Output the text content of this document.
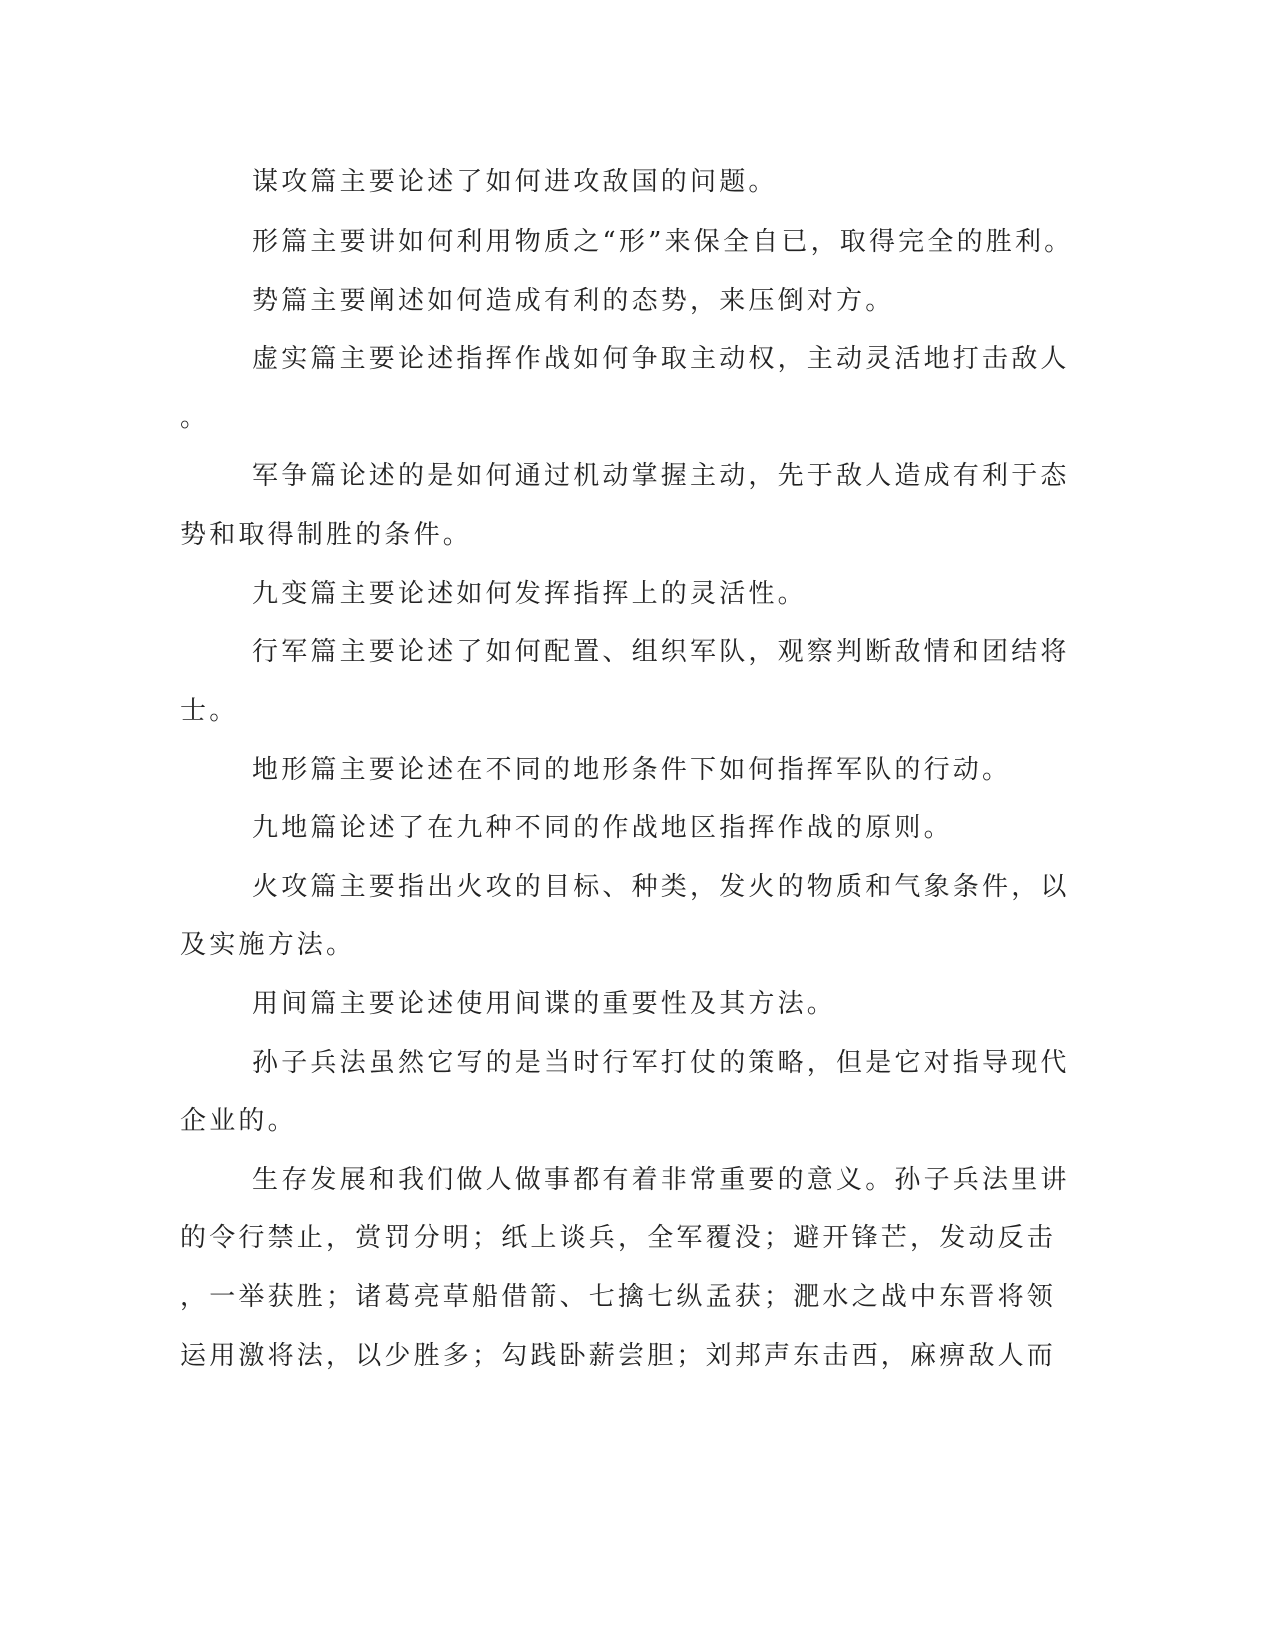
谋攻篇主要论述了如何进攻敌国的问题。
形篇主要讲如何利用物质之“形”来保全自已，取得完全的胜利。
势篇主要阐述如何造成有利的态势，来压倒对方。
虚实篇主要论述指挥作战如何争取主动权，主动灵活地打击敌人
。
军争篇论述的是如何通过机动掌握主动，先于敌人造成有利于态
势和取得制胜的条件。
九变篇主要论述如何发挥指挥上的灵活性。
行军篇主要论述了如何配置、组织军队，观察判断敌情和团结将
士。
地形篇主要论述在不同的地形条件下如何指挥军队的行动。
九地篇论述了在九种不同的作战地区指挥作战的原则。
火攻篇主要指出火攻的目标、种类，发火的物质和气象条件，以
及实施方法。
用间篇主要论述使用间谍的重要性及其方法。
孙子兵法虽然它写的是当时行军打仗的策略，但是它对指导现代
企业的。
生存发展和我们做人做事都有着非常重要的意义。孙子兵法里讲
的令行禁止，赏罚分明；纸上谈兵，全军覆没；避开锋芒，发动反击
，一举获胜；诸葛亮草船借箭、七擒七纵孟获；淝水之战中东晋将领
运用激将法，以少胜多；勾践卧薪尝胆；刘邦声东击西，麻痹敌人而
